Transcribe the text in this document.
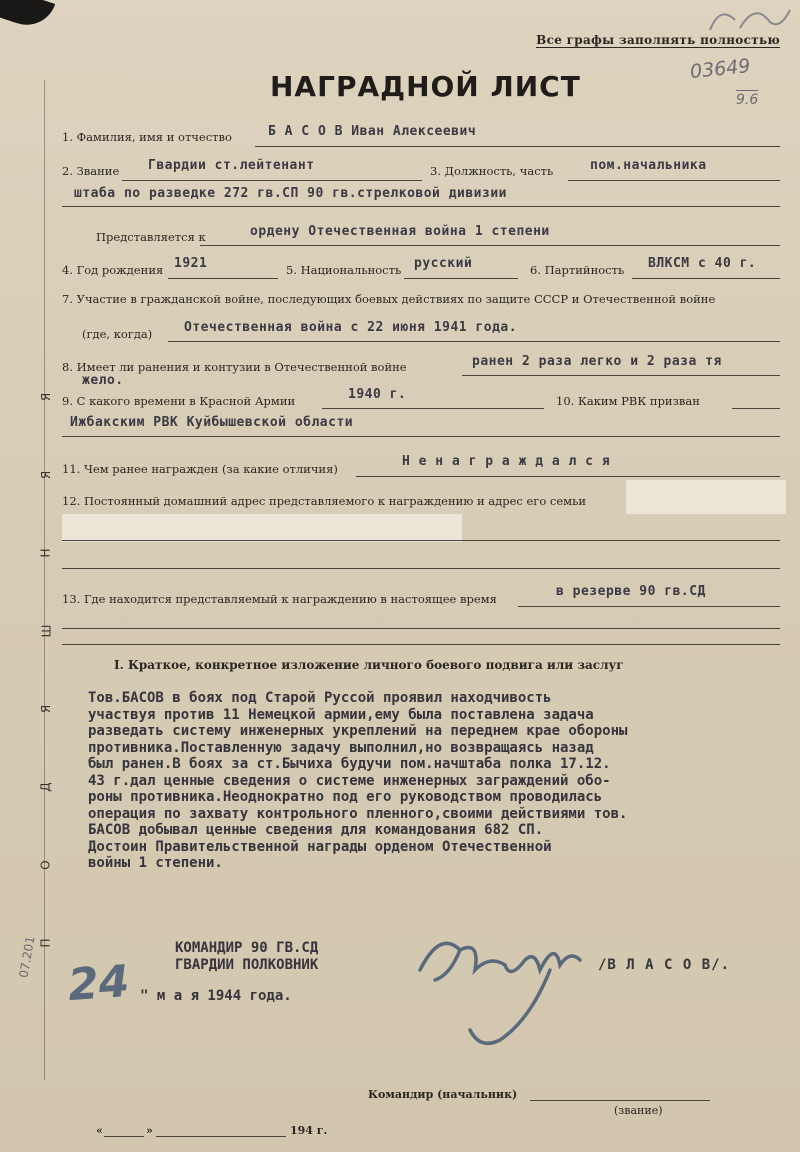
Все графы заполнять полностью
03649
9.6
НАГРАДНОЙ ЛИСТ
Я
Я
Н
Ш
Я
Д
О
П
1. Фамилия, имя и отчество	Б А С О В Иван Алексеевич
2. Звание Гвардии ст.лейтенант	3. Должность, часть	пом.начальника
штаба по разведке 272 гв.СП 90 гв.стрелковой дивизии
Представляется к	ордену Отечественная война 1 степени
4. Год рождения 1921	5. Национальность русский	6. Партийность ВЛКСМ с 40 г.
7. Участие в гражданской войне, последующих боевых действиях по защите СССР и Отечественной войне
(где, когда) Отечественная война с 22 июня 1941 года.
8. Имеет ли ранения и контузии в Отечественной войне	ранен 2 раза легко и 2 раза тя
жело.
9. С какого времени в Красной Армии	1940 г.	10. Каким РВК призван
Ижбакским РВК Куйбышевской области
11. Чем ранее награжден (за какие отличия)	Н е н а г р а ж д а л с я
12. Постоянный домашний адрес представляемого к награждению и адрес его семьи
13. Где находится представляемый к награждению в настоящее время	в резерве 90 гв.СД
I. Краткое, конкретное изложение личного боевого подвига или заслуг

Тов.БАСОВ в боях под Старой Руссой проявил находчивость

участвуя против 11 Немецкой армии,ему была поставлена задача

разведать систему инженерных укреплений на переднем крае обороны

противника.Поставленную задачу выполнил,но возвращаясь назад

был ранен.В боях за ст.Бычиха будучи пом.начштаба полка 17.12.

43 г.дал ценные сведения о системе инженерных заграждений обо-

роны противника.Неоднократно под его руководством проводилась

операция по захвату контрольного пленного,своими действиями тов.

БАСОВ добывал ценные сведения для командования 682 СП.

Достоин Правительственной награды орденом Отечественной

войны 1 степени.

КОМАНДИР 90 ГВ.СД
ГВАРДИИ ПОЛКОВНИК	/В Л А С О В/.
24 " м а я 1944 года.
07.201
Командир (начальник)
(звание)
«	»	194 г.
